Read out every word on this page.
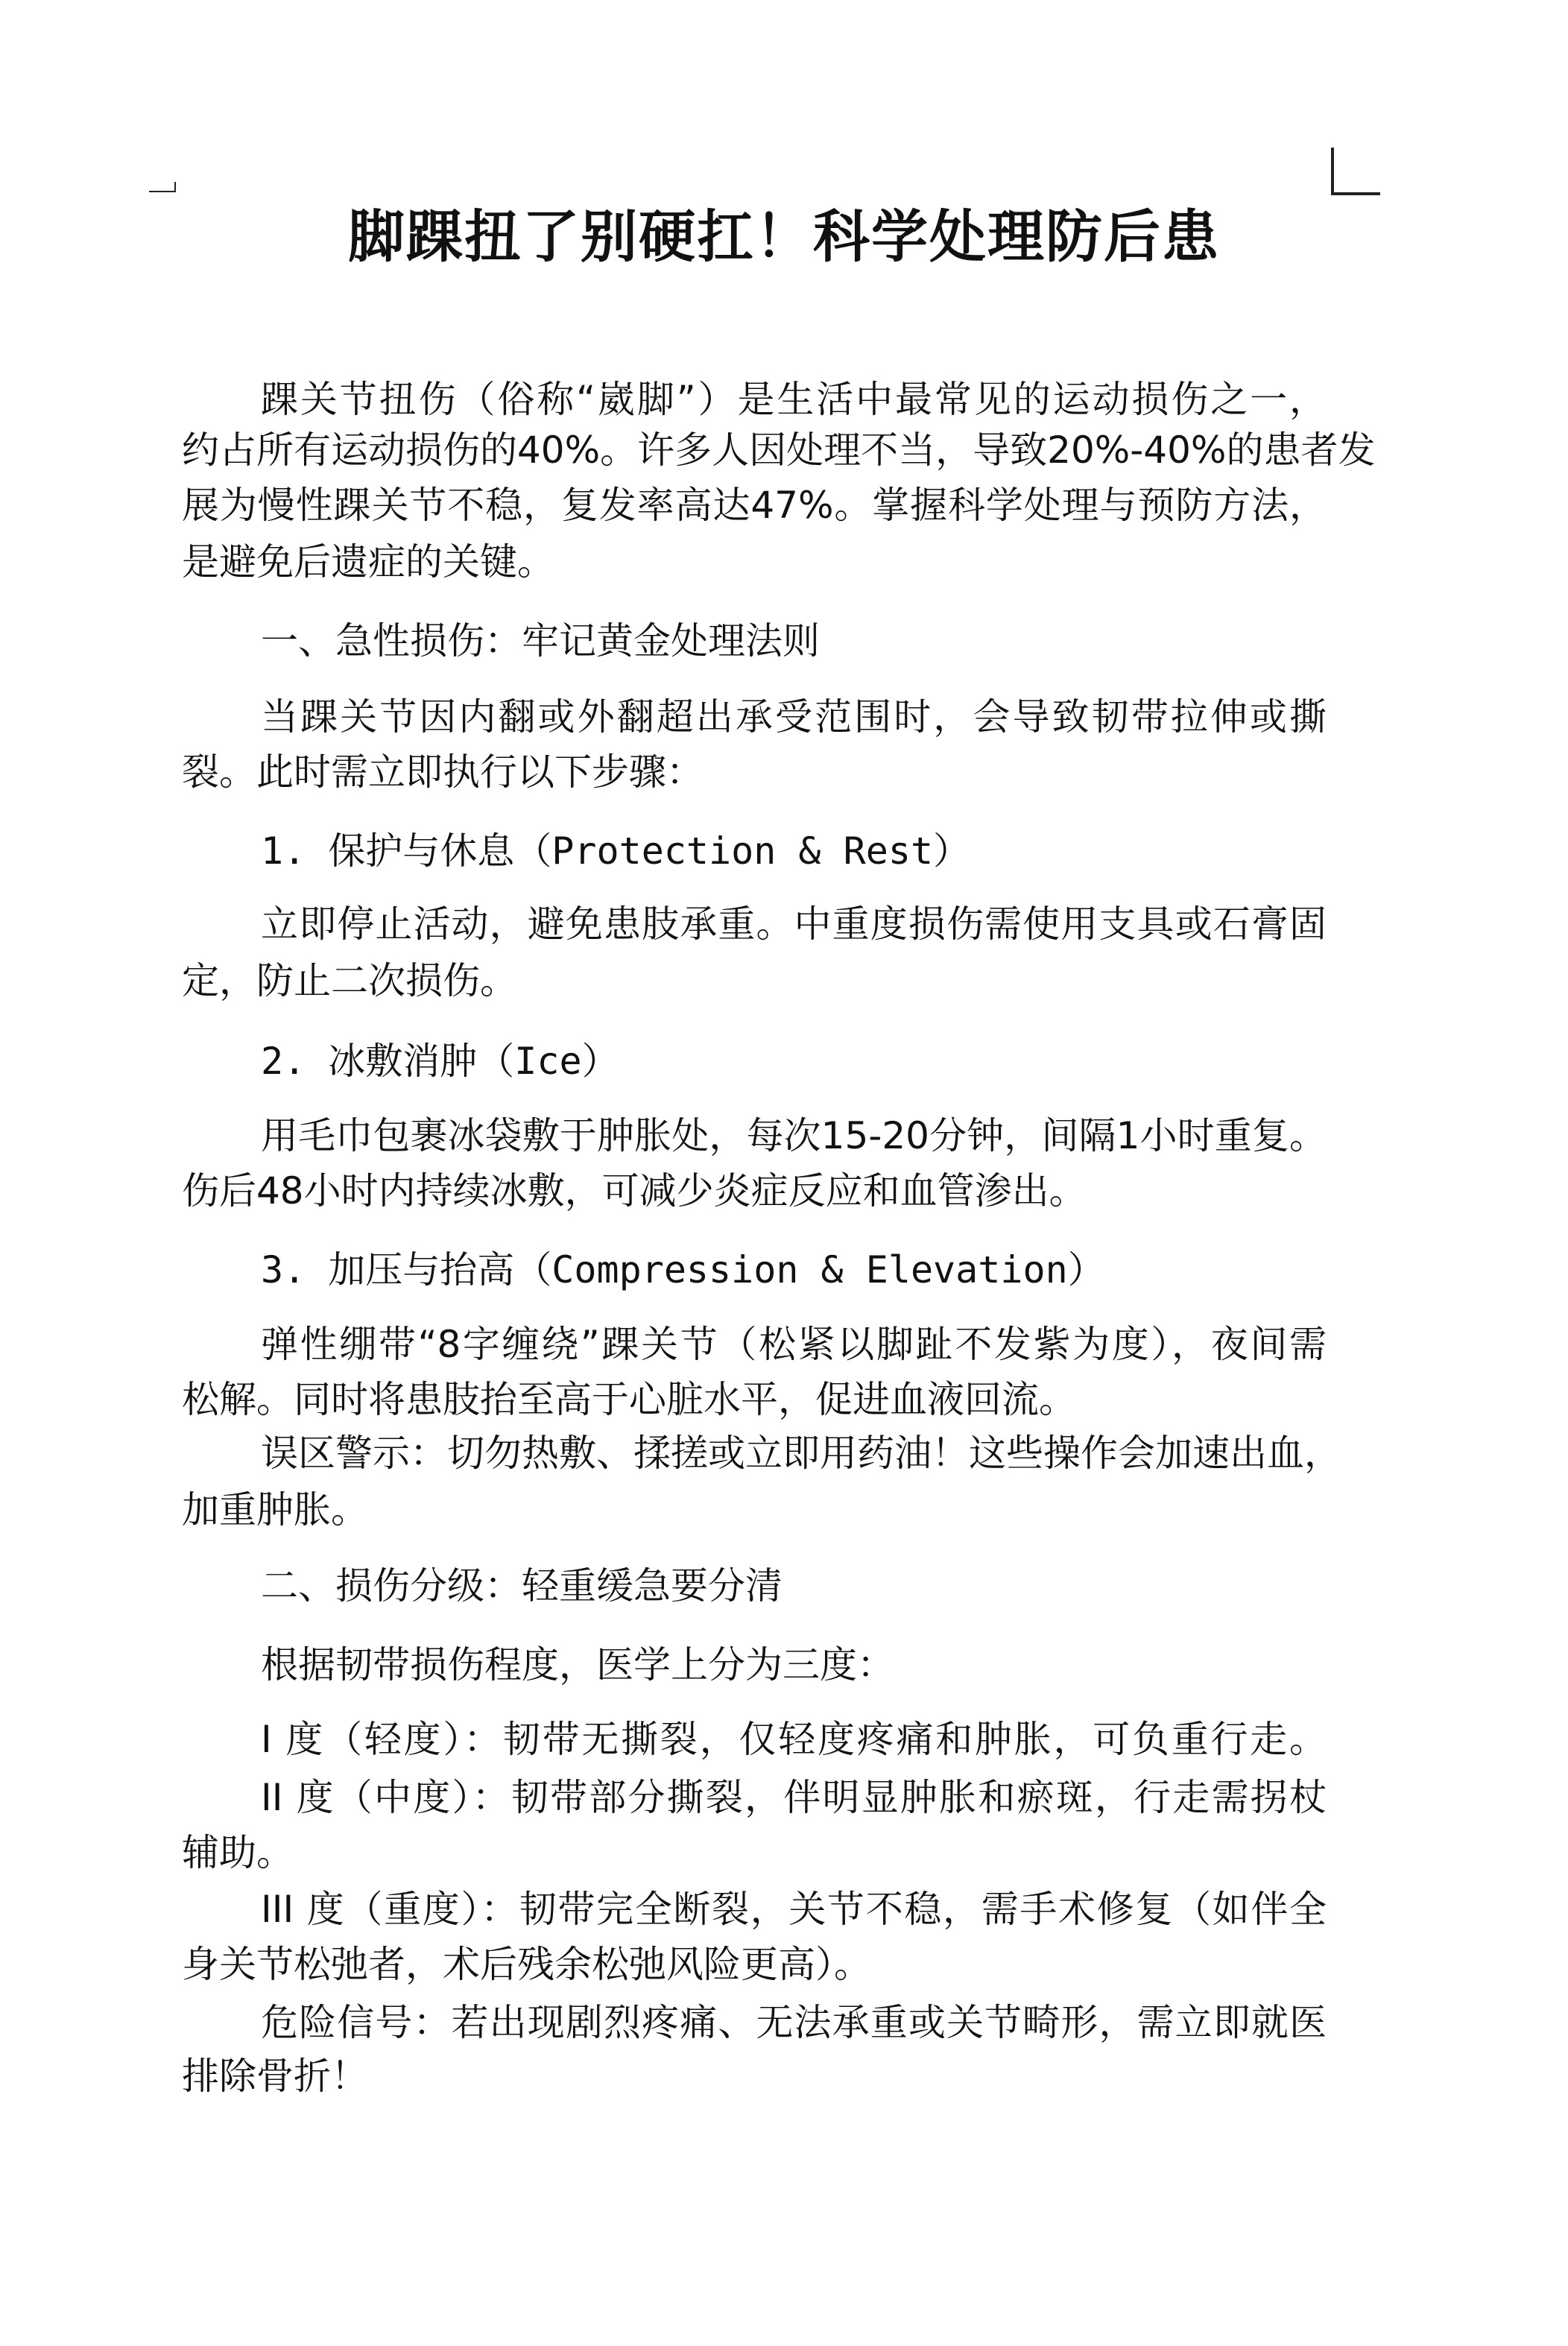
脚踝扭了别硬扛！科学处理防后患
踝关节扭伤（俗称“崴脚”）是生活中最常见的运动损伤之一，
约占所有运动损伤的40%。许多人因处理不当，导致20%-40%的患者发
展为慢性踝关节不稳，复发率高达47%。掌握科学处理与预防方法，
是避免后遗症的关键。
一、急性损伤：牢记黄金处理法则
当踝关节因内翻或外翻超出承受范围时，会导致韧带拉伸或撕
裂。此时需立即执行以下步骤：
1. 保护与休息（Protection & Rest）
立即停止活动，避免患肢承重。中重度损伤需使用支具或石膏固
定，防止二次损伤。
2. 冰敷消肿（Ice）
用毛巾包裹冰袋敷于肿胀处，每次15-20分钟，间隔1小时重复。
伤后48小时内持续冰敷，可减少炎症反应和血管渗出。
3. 加压与抬高（Compression & Elevation）
弹性绷带“8字缠绕”踝关节（松紧以脚趾不发紫为度），夜间需
松解。同时将患肢抬至高于心脏水平，促进血液回流。
误区警示：切勿热敷、揉搓或立即用药油！这些操作会加速出血，
加重肿胀。
二、损伤分级：轻重缓急要分清
根据韧带损伤程度，医学上分为三度：
I 度（轻度）：韧带无撕裂，仅轻度疼痛和肿胀，可负重行走。
II 度（中度）：韧带部分撕裂，伴明显肿胀和瘀斑，行走需拐杖
辅助。
III 度（重度）：韧带完全断裂，关节不稳，需手术修复（如伴全
身关节松弛者，术后残余松弛风险更高）。
危险信号：若出现剧烈疼痛、无法承重或关节畸形，需立即就医
排除骨折！
